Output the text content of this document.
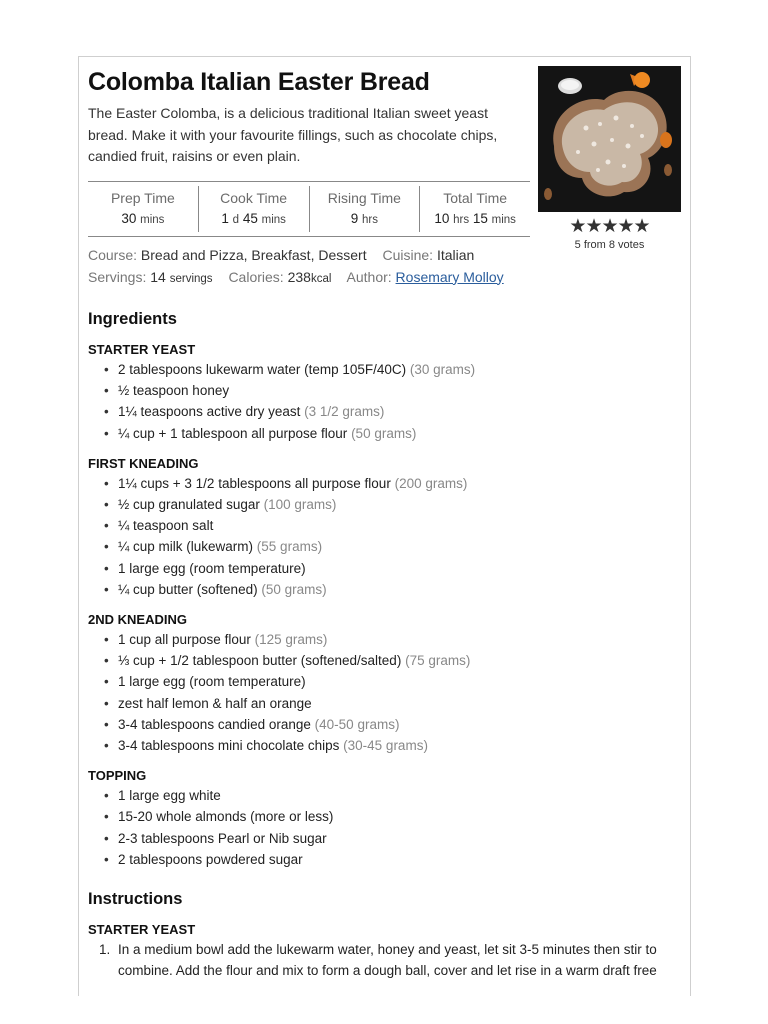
Colomba Italian Easter Bread

The Easter Colomba, is a delicious traditional Italian sweet yeast bread. Make it with your favourite fillings, such as chocolate chips, candied fruit, raisins or even plain.

Prep Time
30 mins
Cook Time
1 d 45 mins
Rising Time
9 hrs
Total Time
10 hrs 15 mins	★★★★★
5 from 8 votes
Course: Bread and Pizza, Breakfast, Dessert Cuisine: Italian
Servings: 14 servings Calories: 238kcal Author: Rosemary Molloy
Ingredients
STARTER YEAST
• 2 tablespoons lukewarm water (temp 105F/40C) (30 grams)
• ½ teaspoon honey
• 1¼ teaspoons active dry yeast (3 1/2 grams)
• ¼ cup + 1 tablespoon all purpose flour (50 grams)
FIRST KNEADING
• 1¼ cups + 3 1/2 tablespoons all purpose flour (200 grams)
• ½ cup granulated sugar (100 grams)
• ¼ teaspoon salt
• ¼ cup milk (lukewarm) (55 grams)
• 1 large egg (room temperature)
• ¼ cup butter (softened) (50 grams)
2ND KNEADING
• 1 cup all purpose flour (125 grams)
• ⅓ cup + 1/2 tablespoon butter (softened/salted) (75 grams)
• 1 large egg (room temperature)
• zest half lemon & half an orange
• 3-4 tablespoons candied orange (40-50 grams)
• 3-4 tablespoons mini chocolate chips (30-45 grams)
TOPPING
• 1 large egg white
• 15-20 whole almonds (more or less)
• 2-3 tablespoons Pearl or Nib sugar
• 2 tablespoons powdered sugar
Instructions
STARTER YEAST
1. In a medium bowl add the lukewarm water, honey and yeast, let sit 3-5 minutes then stir to combine. Add the flour and mix to form a dough ball, cover and let rise in a warm draft free
